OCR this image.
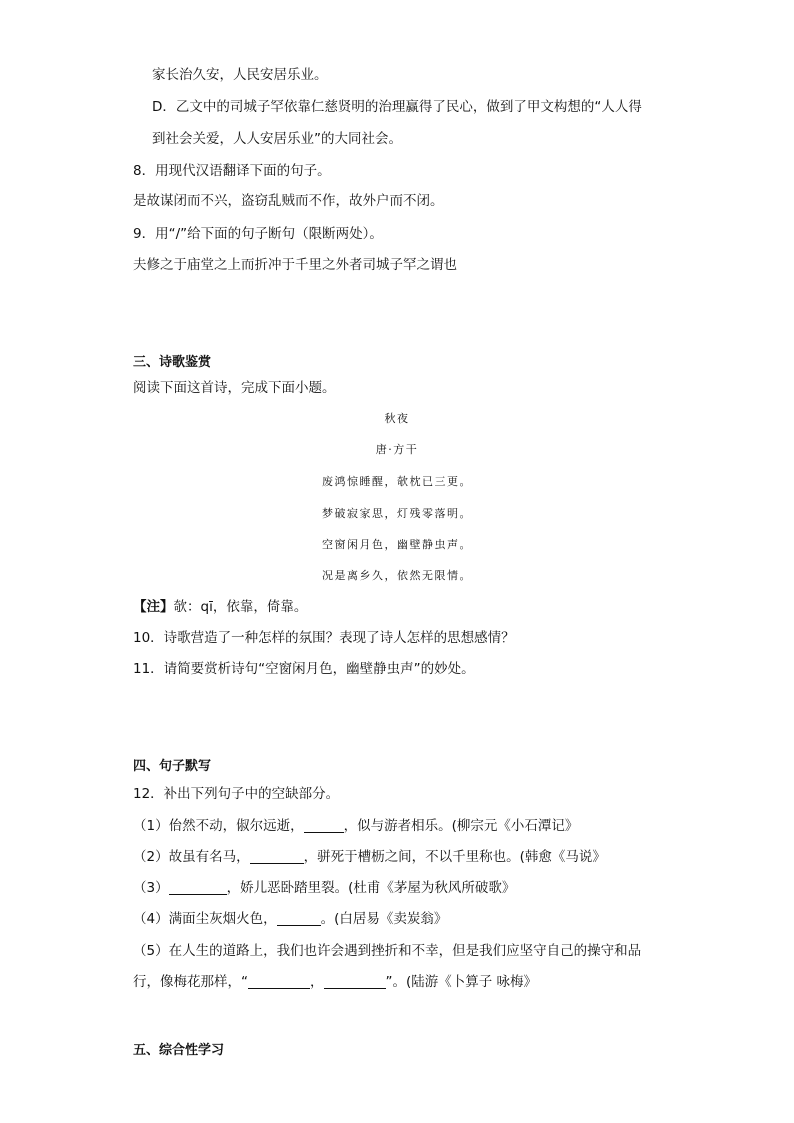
家长治久安，人民安居乐业。
D．乙文中的司城子罕依靠仁慈贤明的治理赢得了民心，做到了甲文构想的“人人得
到社会关爱，人人安居乐业”的大同社会。
8．用现代汉语翻译下面的句子。
是故谋闭而不兴，盗窃乱贼而不作，故外户而不闭。
9．用“/”给下面的句子断句（限断两处）。
夫修之于庙堂之上而折冲于千里之外者司城子罕之谓也
三、诗歌鉴赏
阅读下面这首诗，完成下面小题。
秋夜
唐·方干
废鸿惊睡醒，欹枕已三更。
梦破寂家思，灯残零落明。
空窗闲月色，幽壁静虫声。
况是离乡久，依然无限情。
【注】欹：qī，依靠，倚靠。
10．诗歌营造了一种怎样的氛围？表现了诗人怎样的思想感情？
11．请简要赏析诗句“空窗闲月色，幽壁静虫声”的妙处。
四、句子默写
12．补出下列句子中的空缺部分。
（1）佁然不动，俶尔远逝，	，似与游者相乐。(柳宗元《小石潭记》
（2）故虽有名马，	，骈死于槽枥之间，不以千里称也。(韩愈《马说》
（3）	，娇儿恶卧踏里裂。(杜甫《茅屋为秋风所破歌》
（4）满面尘灰烟火色，	。(白居易《卖炭翁》
（5）在人生的道路上，我们也许会遇到挫折和不幸，但是我们应坚守自己的操守和品
行，像梅花那样，“	，	”。(陆游《卜算子 咏梅》
五、综合性学习
